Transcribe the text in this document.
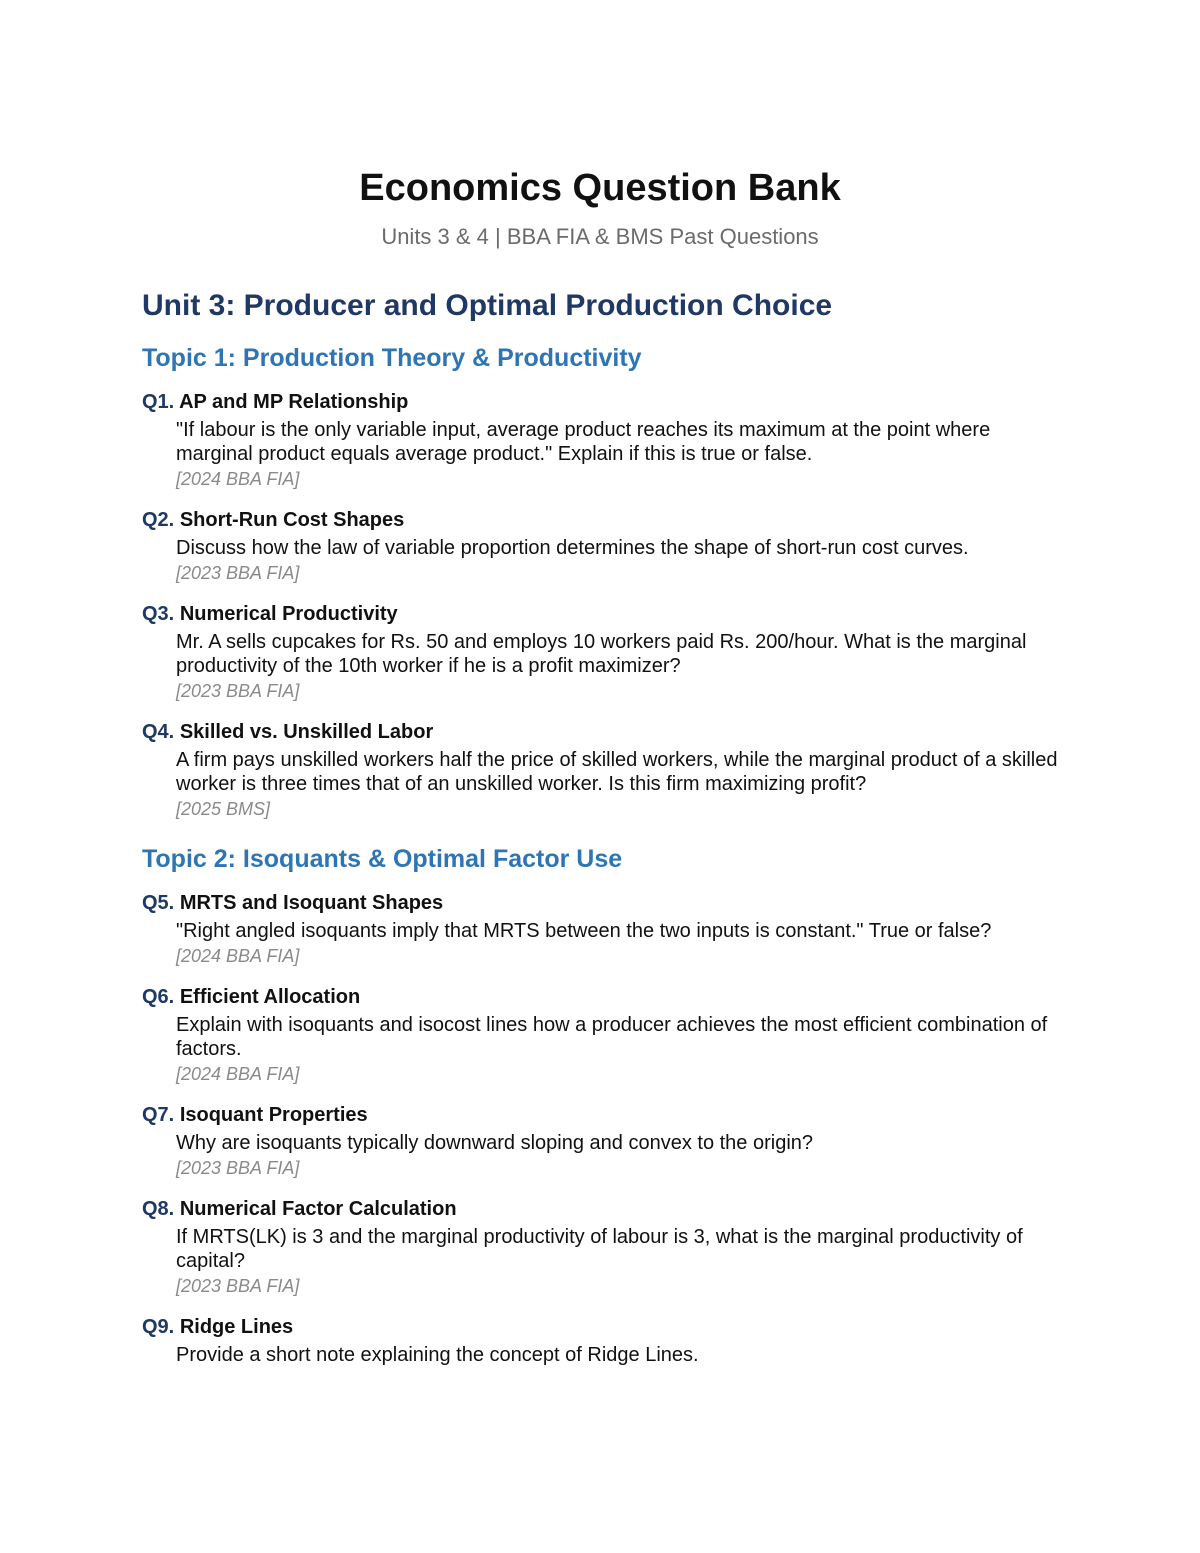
Economics Question Bank
Units 3 & 4 | BBA FIA & BMS Past Questions
Unit 3: Producer and Optimal Production Choice
Topic 1: Production Theory & Productivity
Q1. AP and MP Relationship
"If labour is the only variable input, average product reaches its maximum at the point where marginal product equals average product." Explain if this is true or false.
[2024 BBA FIA]
Q2. Short-Run Cost Shapes
Discuss how the law of variable proportion determines the shape of short-run cost curves.
[2023 BBA FIA]
Q3. Numerical Productivity
Mr. A sells cupcakes for Rs. 50 and employs 10 workers paid Rs. 200/hour. What is the marginal productivity of the 10th worker if he is a profit maximizer?
[2023 BBA FIA]
Q4. Skilled vs. Unskilled Labor
A firm pays unskilled workers half the price of skilled workers, while the marginal product of a skilled worker is three times that of an unskilled worker. Is this firm maximizing profit?
[2025 BMS]
Topic 2: Isoquants & Optimal Factor Use
Q5. MRTS and Isoquant Shapes
"Right angled isoquants imply that MRTS between the two inputs is constant." True or false?
[2024 BBA FIA]
Q6. Efficient Allocation
Explain with isoquants and isocost lines how a producer achieves the most efficient combination of factors.
[2024 BBA FIA]
Q7. Isoquant Properties
Why are isoquants typically downward sloping and convex to the origin?
[2023 BBA FIA]
Q8. Numerical Factor Calculation
If MRTS(LK) is 3 and the marginal productivity of labour is 3, what is the marginal productivity of capital?
[2023 BBA FIA]
Q9. Ridge Lines
Provide a short note explaining the concept of Ridge Lines.
